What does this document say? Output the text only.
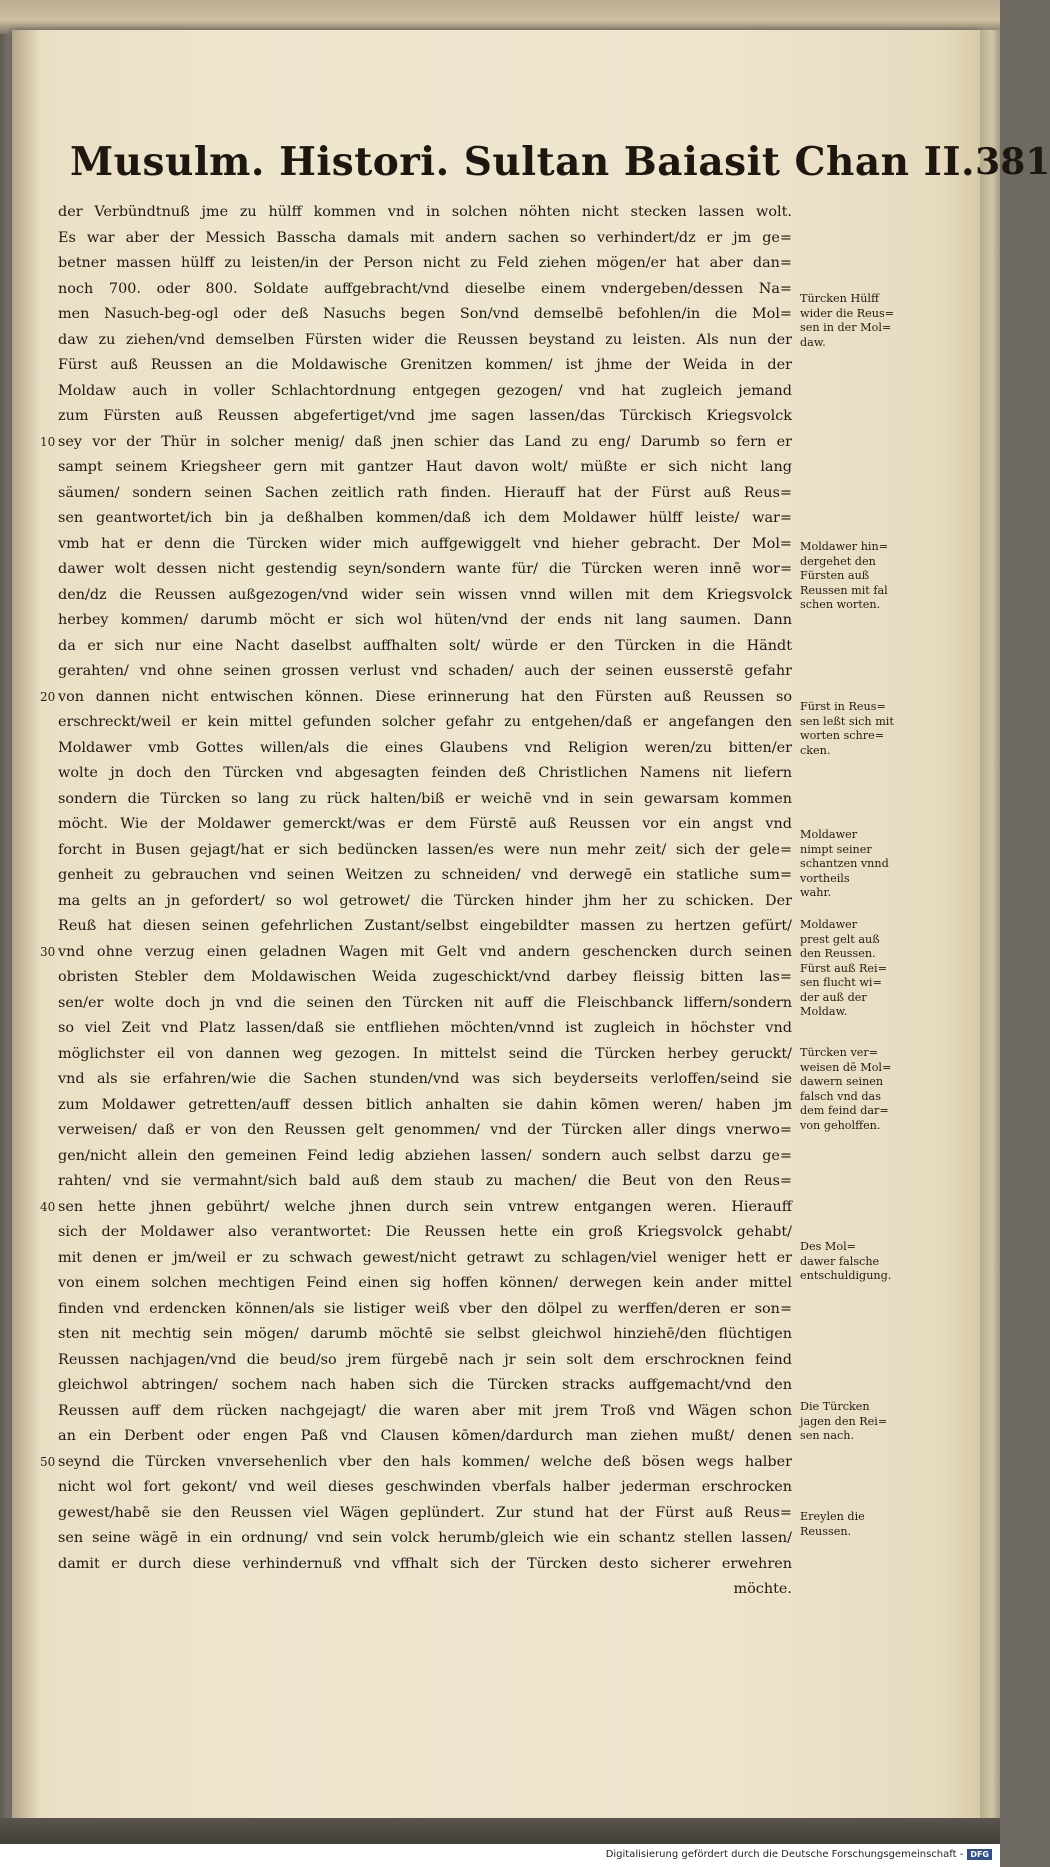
Musulm. Histori. Sultan Baiasit Chan II. 381
der Verbündtnuß jme zu hülff kommen vnd in solchen nöhten nicht stecken lassen wolt.
Es war aber der Messich Basscha damals mit andern sachen so verhindert/dz er jm ge=
betner massen hülff zu leisten/in der Person nicht zu Feld ziehen mögen/er hat aber dan=
noch 700. oder 800. Soldate auffgebracht/vnd dieselbe einem vndergeben/dessen Na=
men Nasuch-beg-ogl oder deß Nasuchs begen Son/vnd demselbē befohlen/in die Mol=
daw zu ziehen/vnd demselben Fürsten wider die Reussen beystand zu leisten. Als nun der
Fürst auß Reussen an die Moldawische Grenitzen kommen/ ist jhme der Weida in der
Moldaw auch in voller Schlachtordnung entgegen gezogen/ vnd hat zugleich jemand
zum Fürsten auß Reussen abgefertiget/vnd jme sagen lassen/das Türckisch Kriegsvolck
sey vor der Thür in solcher menig/ daß jnen schier das Land zu eng/ Darumb so fern er
sampt seinem Kriegsheer gern mit gantzer Haut davon wolt/ müßte er sich nicht lang
säumen/ sondern seinen Sachen zeitlich rath finden. Hierauff hat der Fürst auß Reus=
sen geantwortet/ich bin ja deßhalben kommen/daß ich dem Moldawer hülff leiste/ war=
vmb hat er denn die Türcken wider mich auffgewiggelt vnd hieher gebracht. Der Mol=
dawer wolt dessen nicht gestendig seyn/sondern wante für/ die Türcken weren innē wor=
den/dz die Reussen außgezogen/vnd wider sein wissen vnnd willen mit dem Kriegsvolck
herbey kommen/ darumb möcht er sich wol hüten/vnd der ends nit lang saumen. Dann
da er sich nur eine Nacht daselbst auffhalten solt/ würde er den Türcken in die Händt
gerahten/ vnd ohne seinen grossen verlust vnd schaden/ auch der seinen eusserstē gefahr
von dannen nicht entwischen können. Diese erinnerung hat den Fürsten auß Reussen so
erschreckt/weil er kein mittel gefunden solcher gefahr zu entgehen/daß er angefangen den
Moldawer vmb Gottes willen/als die eines Glaubens vnd Religion weren/zu bitten/er
wolte jn doch den Türcken vnd abgesagten feinden deß Christlichen Namens nit liefern
sondern die Türcken so lang zu rück halten/biß er weichē vnd in sein gewarsam kommen
möcht. Wie der Moldawer gemerckt/was er dem Fürstē auß Reussen vor ein angst vnd
forcht in Busen gejagt/hat er sich bedüncken lassen/es were nun mehr zeit/ sich der gele=
genheit zu gebrauchen vnd seinen Weitzen zu schneiden/ vnd derwegē ein statliche sum=
ma gelts an jn gefordert/ so wol getrowet/ die Türcken hinder jhm her zu schicken. Der
Reuß hat diesen seinen gefehrlichen Zustant/selbst eingebildter massen zu hertzen gefürt/
vnd ohne verzug einen geladnen Wagen mit Gelt vnd andern geschencken durch seinen
obristen Stebler dem Moldawischen Weida zugeschickt/vnd darbey fleissig bitten las=
sen/er wolte doch jn vnd die seinen den Türcken nit auff die Fleischbanck liffern/sondern
so viel Zeit vnd Platz lassen/daß sie entfliehen möchten/vnnd ist zugleich in höchster vnd
möglichster eil von dannen weg gezogen. In mittelst seind die Türcken herbey geruckt/
vnd als sie erfahren/wie die Sachen stunden/vnd was sich beyderseits verloffen/seind sie
zum Moldawer getretten/auff dessen bitlich anhalten sie dahin kōmen weren/ haben jm
verweisen/ daß er von den Reussen gelt genommen/ vnd der Türcken aller dings vnerwo=
gen/nicht allein den gemeinen Feind ledig abziehen lassen/ sondern auch selbst darzu ge=
rahten/ vnd sie vermahnt/sich bald auß dem staub zu machen/ die Beut von den Reus=
sen hette jhnen gebührt/ welche jhnen durch sein vntrew entgangen weren. Hierauff
sich der Moldawer also verantwortet: Die Reussen hette ein groß Kriegsvolck gehabt/
mit denen er jm/weil er zu schwach gewest/nicht getrawt zu schlagen/viel weniger hett er
von einem solchen mechtigen Feind einen sig hoffen können/ derwegen kein ander mittel
finden vnd erdencken können/als sie listiger weiß vber den dölpel zu werffen/deren er son=
sten nit mechtig sein mögen/ darumb möchtē sie selbst gleichwol hinziehē/den flüchtigen
Reussen nachjagen/vnd die beud/so jrem fürgebē nach jr sein solt dem erschrocknen feind
gleichwol abtringen/ sochem nach haben sich die Türcken stracks auffgemacht/vnd den
Reussen auff dem rücken nachgejagt/ die waren aber mit jrem Troß vnd Wägen schon
an ein Derbent oder engen Paß vnd Clausen kōmen/dardurch man ziehen mußt/ denen
seynd die Türcken vnversehenlich vber den hals kommen/ welche deß bösen wegs halber
nicht wol fort gekont/ vnd weil dieses geschwinden vberfals halber jederman erschrocken
gewest/habē sie den Reussen viel Wägen geplündert. Zur stund hat der Fürst auß Reus=
sen seine wägē in ein ordnung/ vnd sein volck herumb/gleich wie ein schantz stellen lassen/
damit er durch diese verhindernuß vnd vffhalt sich der Türcken desto sicherer erwehren
möchte.
10
20
30
40
50
Türcken Hülff
wider die Reus=
sen in der Mol=
daw.
Moldawer hin=
dergehet den
Fürsten auß
Reussen mit fal
schen worten.
Fürst in Reus=
sen leßt sich mit
worten schre=
cken.
Moldawer
nimpt seiner
schantzen vnnd
vortheils
wahr.
Moldawer
prest gelt auß
den Reussen.
Fürst auß Rei=
sen flucht wi=
der auß der
Moldaw.
Türcken ver=
weisen dē Mol=
dawern seinen
falsch vnd das
dem feind dar=
von geholffen.
Des Mol=
dawer falsche
entschuldigung.
Die Türcken
jagen den Rei=
sen nach.
Ereylen die
Reussen.
Digitalisierung gefördert durch die Deutsche Forschungsgemeinschaft - DFG
